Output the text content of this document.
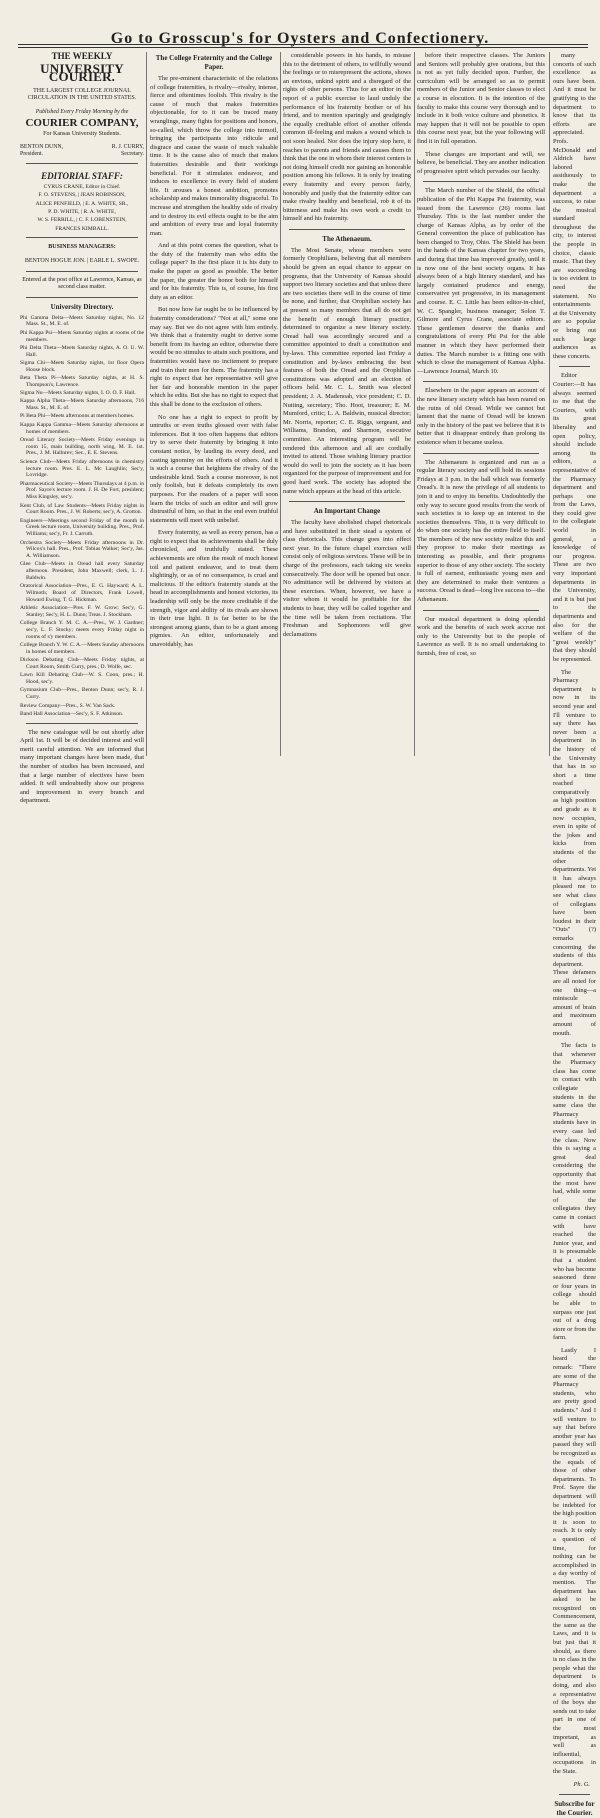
Go to Grosscup's for Oysters and Confectionery.
THE WEEKLY
UNIVERSITY COURIER.
THE LARGEST COLLEGE JOURNAL CIRCULATION IN THE UNITED STATES.
Published Every Friday Morning by the
COURIER COMPANY,
For Kansas University Students.
BENTON DUNN,	R. J. CURRY,
President.	Secretary.
EDITORIAL STAFF:
CYRUS CRANE, Editor in Chief.
F. O. STEVENS, | JEAN ROBINSON,
ALICE PENFIELD, | E. A. WHITE, SR.,
P. D. WHITE, | R. A. WHITE,
W. S. FERRILL, | C. F. LOBENSTEIN,
FRANCES KIMBALL.
BUSINESS MANAGERS:
BENTON HOGUE JON. | EARLE L. SWOPE.
Entered at the post office at Lawrence, Kansas, as second class matter.
University Directory.
Phi Gamma Delta—Meets Saturday nights, No. 12 Mass. St., M. E. of.
Phi Kappa Psi—Meets Saturday nights at rooms of the members.
Phi Delta Theta—Meets Saturday nights, A. O. U. W. Hall.
Sigma Chi—Meets Saturday nights, 1st floor Opera House block.
Beta Theta Pi—Meets Saturday nights, at H. S. Thompson's, Lawrence.
Sigma Nu—Meets Saturday nights, I. O. O. F. Hall.
Kappa Alpha Theta—Meets Saturday afternoons, 716 Mass. St., M. E. of.
Pi Beta Phi—Meets afternoons at members homes.
Kappa Kappa Gamma—Meets Saturday afternoons at homes of members.
Oread Literary Society—Meets Friday evenings in room 15, main building, north wing, M. E. 1st. Pres., J. M. Hallnrev; Sec., E. E. Stevens.
Science Club—Meets Friday afternoons in chemistry lecture room. Pres. E. L. Mc Laughlin; Sec'y, Lovridge.
Pharmaceutical Society—Meets Thursdays at 4 p.m. in Prof. Sayre's lecture room. J. H. De Fort, president; Miss Kingsley, sec'y.
Kent Club, of Law Students—Meets Friday nights in Court Room. Pres., J. W. Roberts; sec'y, A. Grotton.
Engineers—Meetings second Friday of the month in Greek lecture room, University building. Pres., Prof. Williams; sec'y, Fr. J. Carruth.
Orchestra Society—Meets Friday afternoons in Dr. Wilcox's hall. Pres., Prof. Tobias Walker; Sec'y, Jas. A. Williamson.
Glee Club—Meets in Oread hall every Saturday afternoon. President, John Maxwell; clerk, L. J. Baldwin.
Oratorical Association—Pres., E. G. Hayward; A. L. Wilmoth; Board of Directors, Frank Lowell, Howard Ewing, T. G. Hickman.
Athletic Association—Pres. F. W. Grow; Sec'y, G. Stanley; Sec'y, H. L. Dunn; Treas. J. Stockham.
College Branch Y. M. C. A.—Pres., W. J. Gardner; sec'y, L. F. Stocky; meets every Friday night in rooms of s'y members.
College Branch Y. W. C. A.—Meets Sunday afternoons in homes of members.
Dickson Debating Club—Meets Friday nights, at Court Room, Smith Curry, pres.; D. Wolfe, sec.
Lawn Kill Debating Club—W. S. Coon, pres.; H. Hood, sec'y.
Gymnasium Club—Pres., Benton Dunn; sec'y, R. J. Curry.
Review Company—Pres., S. W. Van Sack.
Band Hall Association—Sec'y, S. F. Atkinson.

The new catalogue will be out shortly after April 1st. It will be of decided interest and will merit careful attention. We are informed that many important changes have been made, that the number of studies has been increased, and that a large number of electives have been added. It will undoubtedly show our progress and improvement in every branch and department.

The College Fraternity and the College Paper.

The pre-eminent characteristic of the relations of college fraternities, is rivalry—rivalry, intense, fierce and oftentimes foolish. This rivalry is the cause of much that makes fraternities objectionable, for to it can be traced many wranglings, many fights for positions and honors, so-called, which throw the college into turmoil, bringing the participants into ridicule and disgrace and cause the waste of much valuable time. It is the cause also of much that makes fraternities desirable and their workings beneficial. For it stimulates endeavor, and induces to excellence in every field of student life. It arouses a honest ambition, promotes scholarship and makes immorality disgraceful. To increase and strengthen the healthy side of rivalry and to destroy its evil effects ought to be the aim and ambition of every true and loyal fraternity man.

And at this point comes the question, what is the duty of the fraternity man who edits the college paper? In the first place it is his duty to make the paper as good as possible. The better the paper, the greater the honor both for himself and for his fraternity. This is, of course, his first duty as an editor.

But now how far ought he to be influenced by fraternity considerations? "Not at all," some one may say. But we do not agree with him entirely. We think that a fraternity ought to derive some benefit from its having an editor, otherwise there would be no stimulus to attain such positions, and fraternities would have no incitement to prepare and train their men for them. The fraternity has a right to expect that her representative will give her fair and honorable mention in the paper which he edits. But she has no right to expect that this shall be done to the exclusion of others.

No one has a right to expect to profit by untruths or even truths glossed over with false inferences. But it too often happens that editors try to serve their fraternity by bringing it into constant notice, by lauding its every deed, and casting ignominy on the efforts of others. And it is such a course that heightens the rivalry of the undesirable kind. Such a course moreover, is not only foolish, but it defeats completely its own purposes. For the readers of a paper will soon learn the tricks of such an editor and will grow distrustful of him, so that in the end even truthful statements will meet with unbelief.

Every fraternity, as well as every person, has a right to expect that its achievements shall be duly chronicled, and truthfully stated. These achievements are often the result of much honest toil and patient endeavor, and to treat them slightingly, or as of no consequence, is cruel and malicious. If the editor's fraternity stands at the head in accomplishments and honest victories, its leadership will only be the more creditable if the strength, vigor and ability of its rivals are shown in their true light. It is far better to be the strongest among giants, than to be a giant among pigmies. An editor, unfortunately and unavoidably, has

considerable powers in his hands, to misuse this to the detriment of others, to willfully wound the feelings or to misrepresent the actions, shows an envious, unkind spirit and a disregard of the rights of other persons. Thus for an editor in the report of a public exercise to laud unduly the performance of his fraternity brother or of his friend, and to mention sparingly and grudgingly the equally creditable effort of another offends common ill-feeling and makes a wound which is not soon healed. Nor does the injury stop here, it reaches to parents and friends and causes them to think that the one in whom their interest centers is not doing himself credit nor gaining an honorable position among his fellows. It is only by treating every fraternity and every person fairly, honorably and justly that the fraternity editor can make rivalry healthy and beneficial, rob it of its bitterness and make his own work a credit to himself and his fraternity.

The Athenaeum.

The Most Senate, whose members were formerly Orophilians, believing that all members should be given an equal chance to appear on programs, that the University of Kansas should support two literary societies and that unless there are two societies there will in the course of time be none, and further, that Orophilian society has at present so many members that all do not get the benefit of enough literary practice, determined to organize a new literary society. Oread hall was accordingly secured and a committee appointed to draft a constitution and by-laws. This committee reported last Friday a constitution and by-laws embracing the best features of both the Oread and the Orophilian constitutions was adopted and an election of officers held. Mr. C. L. Smith was elected president; J. A. Madenoah, vice president; C. D. Nutting, secretary; Tho. Hoot, treasurer; E. M. Mumford, critic; L. A. Baldwin, musical director; Mr. Norris, reporter; C. E. Riggs, sergeant, and Williams, Brandon, and Sharmon, executive committee. An interesting program will be rendered this afternoon and all are cordially invited to attend. Those wishing literary practice would do well to join the society as it has been organized for the purpose of improvement and for good hard work. The society has adopted the name which appears at the head of this article.

An Important Change

The faculty have abolished chapel rhetoricals and have substituted in their stead a system of class rhetoricals. This change goes into effect next year. In the future chapel exercises will consist only of religious services. These will be in charge of the professors, each taking six weeks consecutively. The door will be opened but once. No admittance will be delivered by visitors at these exercises. When, however, we have a visitor whom it would be profitable for the students to hear, they will be called together and the time will be taken from recitations. The Freshman and Sophomores will give declamations

before their respective classes. The Juniors and Seniors will probably give orations, but this is not as yet fully decided upon. Further, the curriculum will be arranged so as to permit members of the Junior and Senior classes to elect a course in elocution. It is the intention of the faculty to make this course very thorough and to include in it both voice culture and phonetics. It may happen that it will not be possible to open this course next year, but the year following will find it in full operation.

These changes are important and will, we believe, be beneficial. They are another indication of progressive spirit which pervades our faculty.

The March number of the Shield, the official publication of the Phi Kappa Psi fraternity, was issued from the Lawrence (26) rooms last Thursday. This is the last number under the charge of Kansas Alpha, as by order of the General convention the place of publication has been changed to Troy, Ohio. The Shield has been in the hands of the Kansas chapter for two years, and during that time has improved greatly, until it is now one of the best society organs. It has always been of a high literary standard, and has largely contained prudence and energy, conservative yet progressive, in its management and course. E. C. Little has been editor-in-chief, W. C. Spangler, business manager; Solon T. Gilmore and Cyrus Crane, associate editors. These gentlemen deserve the thanks and congratulations of every Phi Psi for the able manner in which they have performed their duties. The March number is a fitting one with which to close the management of Kansas Alpha.—Lawrence Journal, March 10.

Elsewhere in the paper appears an account of the new literary society which has been reared on the ruins of old Oread. While we cannot but lament that the name of Oread will be known only in the history of the past we believe that it is better that it disappear entirely than prolong its existence when it became useless.

The Athenaeum is organized and run as a regular literary society and will hold its sessions Fridays at 3 p.m. in the hall which was formerly Oread's. It is now the privilege of all students to join it and to enjoy its benefits. Undoubtedly the only way to secure good results from the work of such societies is to keep up an interest in the societies themselves. This, it is very difficult to do when one society has the entire field to itself. The members of the new society realize this and they propose to make their meetings as interesting as possible, and their programs superior to those of any other society. The society is full of earnest, enthusiastic young men and they are determined to make their ventures a success. Oread is dead—long live success to—the Athenaeum.

Our musical department is doing splendid work and the benefits of such work accrue not only to the University but to the people of Lawrence as well. It is no small undertaking to furnish, free of cost, so

many concerts of such excellence as ours have been. And it must be gratifying to the department to know that its efforts are appreciated. Profs. McDonald and Aldrich have labored assiduously to make the department a success, to raise the musical standard throughout the city, to interest the people in choice, classic music. That they are succeeding is too evident to need the statement. No entertainments at the University are so popular or bring out such large audiences as these concerts.

Editor Courier:—It has always seemed to me that the Couriers, with its great liberality and open policy, should include among its editors, a representative of the Pharmacy department and perhaps one from the Laws, they could give to the collegiate world in general, a knowledge of our progress. These are two very important departments in the University, and it is but just to the departments and also for the welfare of the "great weekly" that they should be represented.

The Pharmacy department is now in its second year and I'll venture to say there has never been a department in the history of the University that has in so short a time reached comparatively as high position and grade as it now occupies, even in spite of the jokes and kicks from students of the other departments. Yet it has always pleased me to see what class of collegians have been loudest in their "Outs" (?) remarks concerning the students of this department. These defamers are all noted for one thing—a miniscule amount of brain and maximum amount of mouth.

The facts is that whenever the Pharmacy class has come in contact with collegiate students in the same class the Pharmacy students have in every case led the class. Now this is saying a great deal considering the opportunity that the most have had, while some of the collegiates they came in contact with have reached the Junior year, and it is presumable that a student who has become seasoned three or four years in college should be able to surpass one just out of a drug store or from the farm.

Lastly I heard the remark: "There are some of the Pharmacy students, who are pretty good students." And I will venture to say that before another year has passed they will be recognized as the equals of those of other departments. To Prof. Sayre the department will be indebted for the high position it is soon to reach. It is only a question of time, for nothing can be accomplished in a day worthy of mention. The department has asked to be recognized on Commencement, the same as the Laws, and it is but just that it should, as there is no class in the people what the department is doing, and also a representative of the boys she sends out to take part in one of the most important, as well as influential, occupations in the State.

Ph. G.
Subscribe for the Courier.
